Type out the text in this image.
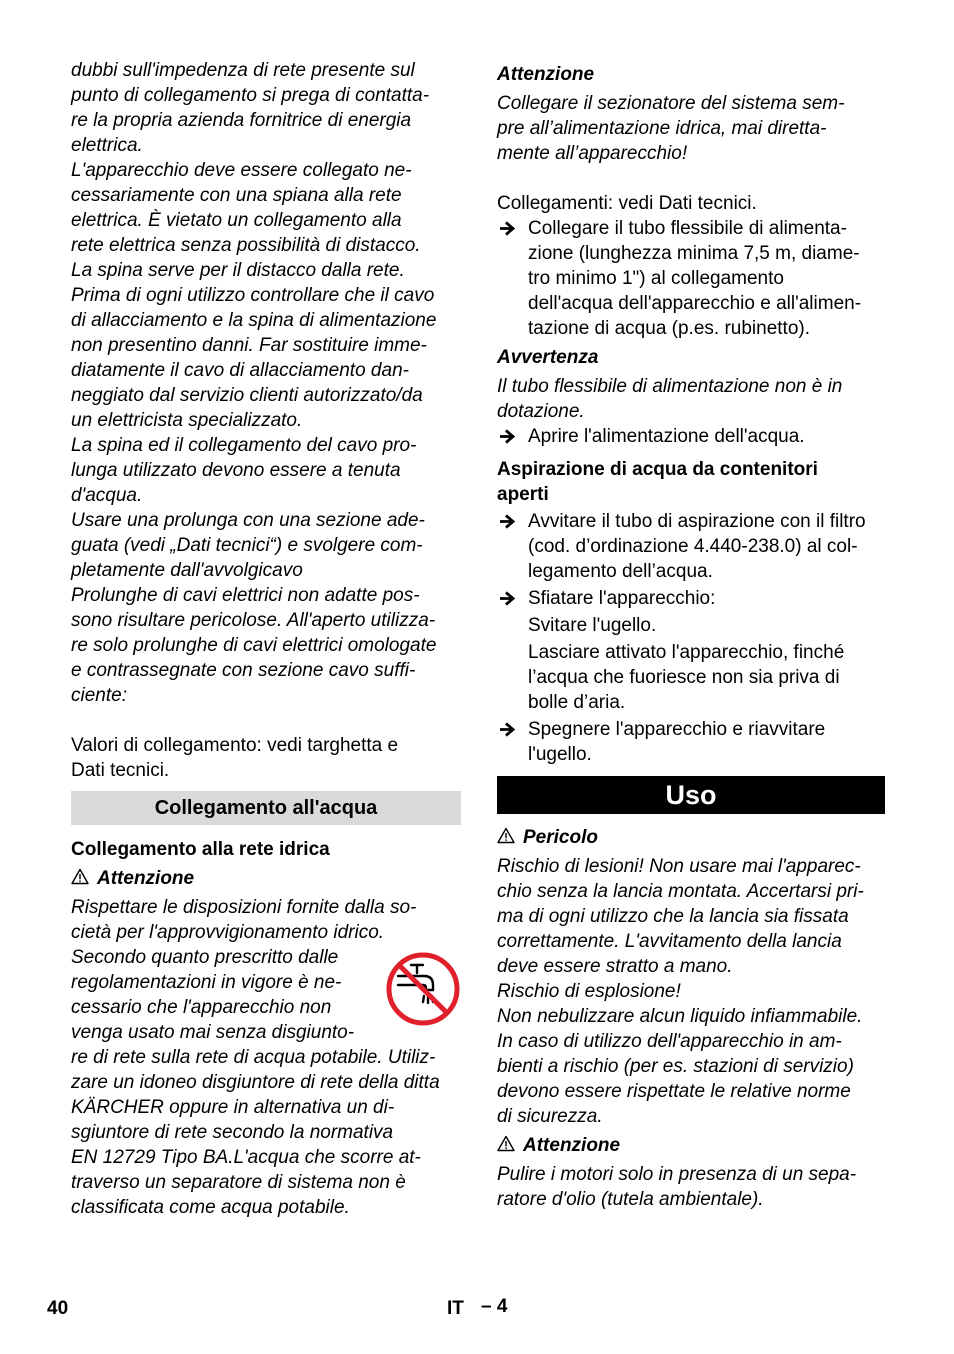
dubbi sull'impedenza di rete presente sul
punto di collegamento si prega di contatta-
re la propria azienda fornitrice di energia
elettrica.
L'apparecchio deve essere collegato ne-
cessariamente con una spiana alla rete
elettrica. È vietato un collegamento alla
rete elettrica senza possibilità di distacco.
La spina serve per il distacco dalla rete.
Prima di ogni utilizzo controllare che il cavo
di allacciamento e la spina di alimentazione
non presentino danni. Far sostituire imme-
diatamente il cavo di allacciamento dan-
neggiato dal servizio clienti autorizzato/da
un elettricista specializzato.
La spina ed il collegamento del cavo pro-
lunga utilizzato devono essere a tenuta
d'acqua.
Usare una prolunga con una sezione ade-
guata (vedi „Dati tecnici“) e svolgere com-
pletamente dall'avvolgicavo
Prolunghe di cavi elettrici non adatte pos-
sono risultare pericolose. All'aperto utilizza-
re solo prolunghe di cavi elettrici omologate
e contrassegnate con sezione cavo suffi-
ciente:
Valori di collegamento: vedi targhetta e
Dati tecnici.
Collegamento all'acqua
Collegamento alla rete idrica
Attenzione
Rispettare le disposizioni fornite dalla so-
cietà per l'approvvigionamento idrico.
Secondo quanto prescritto dalle
regolamentazioni in vigore è ne-
cessario che l'apparecchio non
venga usato mai senza disgiunto-
re di rete sulla rete di acqua potabile. Utiliz-
zare un idoneo disgiuntore di rete della ditta
KÄRCHER oppure in alternativa un di-
sgiuntore di rete secondo la normativa
EN 12729 Tipo BA.L'acqua che scorre at-
traverso un separatore di sistema non è
classificata come acqua potabile.
Attenzione
Collegare il sezionatore del sistema sem-
pre all’alimentazione idrica, mai diretta-
mente all’apparecchio!
Collegamenti: vedi Dati tecnici.
Collegare il tubo flessibile di alimenta-
zione (lunghezza minima 7,5 m, diame-
tro minimo 1") al collegamento
dell'acqua dell'apparecchio e all'alimen-
tazione di acqua (p.es. rubinetto).
Avvertenza
Il tubo flessibile di alimentazione non è in
dotazione.
Aprire l'alimentazione dell'acqua.
Aspirazione di acqua da contenitori
aperti
Avvitare il tubo di aspirazione con il filtro
(cod. d’ordinazione 4.440-238.0) al col-
legamento dell’acqua.
Sfiatare l'apparecchio:
Svitare l'ugello.
Lasciare attivato l'apparecchio, finché
l’acqua che fuoriesce non sia priva di
bolle d’aria.
Spegnere l'apparecchio e riavvitare
l'ugello.
Uso
Pericolo
Rischio di lesioni! Non usare mai l'apparec-
chio senza la lancia montata. Accertarsi pri-
ma di ogni utilizzo che la lancia sia fissata
correttamente. L'avvitamento della lancia
deve essere stratto a mano.
Rischio di esplosione!
Non nebulizzare alcun liquido infiammabile.
In caso di utilizzo dell'apparecchio in am-
bienti a rischio (per es. stazioni di servizio)
devono essere rispettate le relative norme
di sicurezza.
Attenzione
Pulire i motori solo in presenza di un sepa-
ratore d'olio (tutela ambientale).
40	IT – 4
